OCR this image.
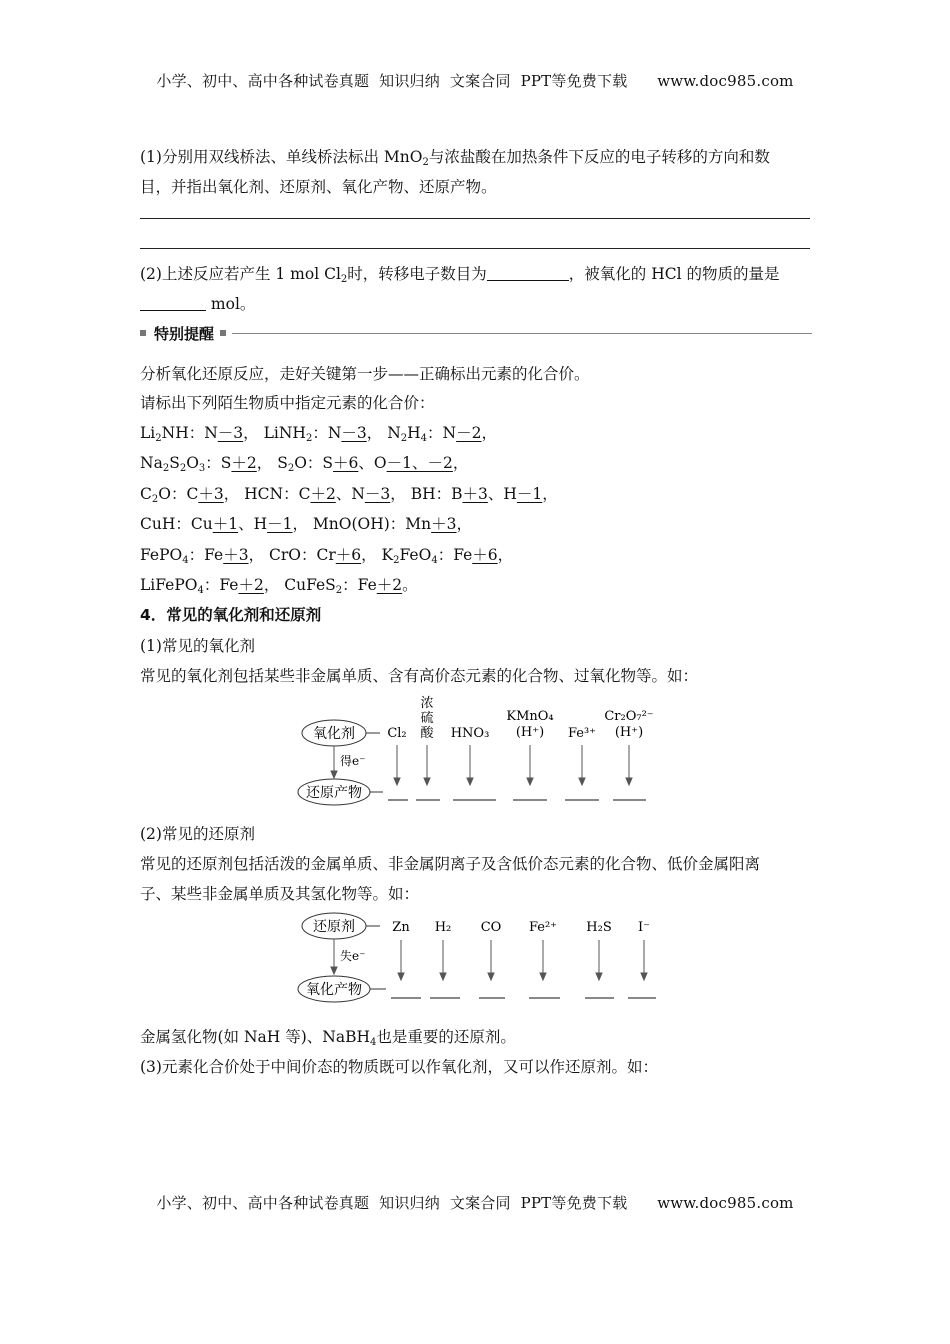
小学、初中、高中各种试卷真题  知识归纳  文案合同  PPT等免费下载      www.doc985.com
(1)分别用双线桥法、单线桥法标出 MnO$_2$与浓盐酸在加热条件下反应的电子转移的方向和数
目，并指出氧化剂、还原剂、氧化产物、还原产物。
(2)上述反应若产生 1 mol $Cl_2$时，转移电子数目为	，被氧化的 HCl 的物质的量是
mol。
特别提醒
分析氧化还原反应，走好关键第一步——正确标出元素的化合价。
请标出下列陌生物质中指定元素的化合价：
$Li_2NH$：N－3， LiNH$_2$：N－3， $N_2H_4$：N－2，
$Na_2S_2O_3$：S＋2， $S_2O$：S＋6、O－1、－2，
$C_2O$：C＋3， HCN：C＋2、N－3， BH：B＋3、H－1，
CuH：Cu＋1、H－1， MnO(OH)：Mn＋3，
FePO$_4$：Fe＋3， CrO：Cr＋6， $K_2FeO_4$：Fe＋6，
LiFePO$_4$：Fe＋2， CuFeS$_2$：Fe＋2。
4．常见的氧化剂和还原剂
(1)常见的氧化剂
常见的氧化剂包括某些非金属单质、含有高价态元素的化合物、过氧化物等。如：
氧化剂 Cl₂
浓硫酸 HNO₃
KMnO₄
(H⁺) Fe³⁺
Cr₂O₇²⁻
(H⁺)
得e⁻
还原产物
(2)常见的还原剂
常见的还原剂包括活泼的金属单质、非金属阴离子及含低价态元素的化合物、低价金属阳离
子、某些非金属单质及其氢化物等。如：
还原剂	Zn H₂ CO Fe²⁺ H₂S I⁻
失e⁻
氧化产物
金属氢化物(如 NaH 等)、NaBH$_4$也是重要的还原剂。
(3)元素化合价处于中间价态的物质既可以作氧化剂，又可以作还原剂。如：
小学、初中、高中各种试卷真题  知识归纳  文案合同  PPT等免费下载      www.doc985.com
